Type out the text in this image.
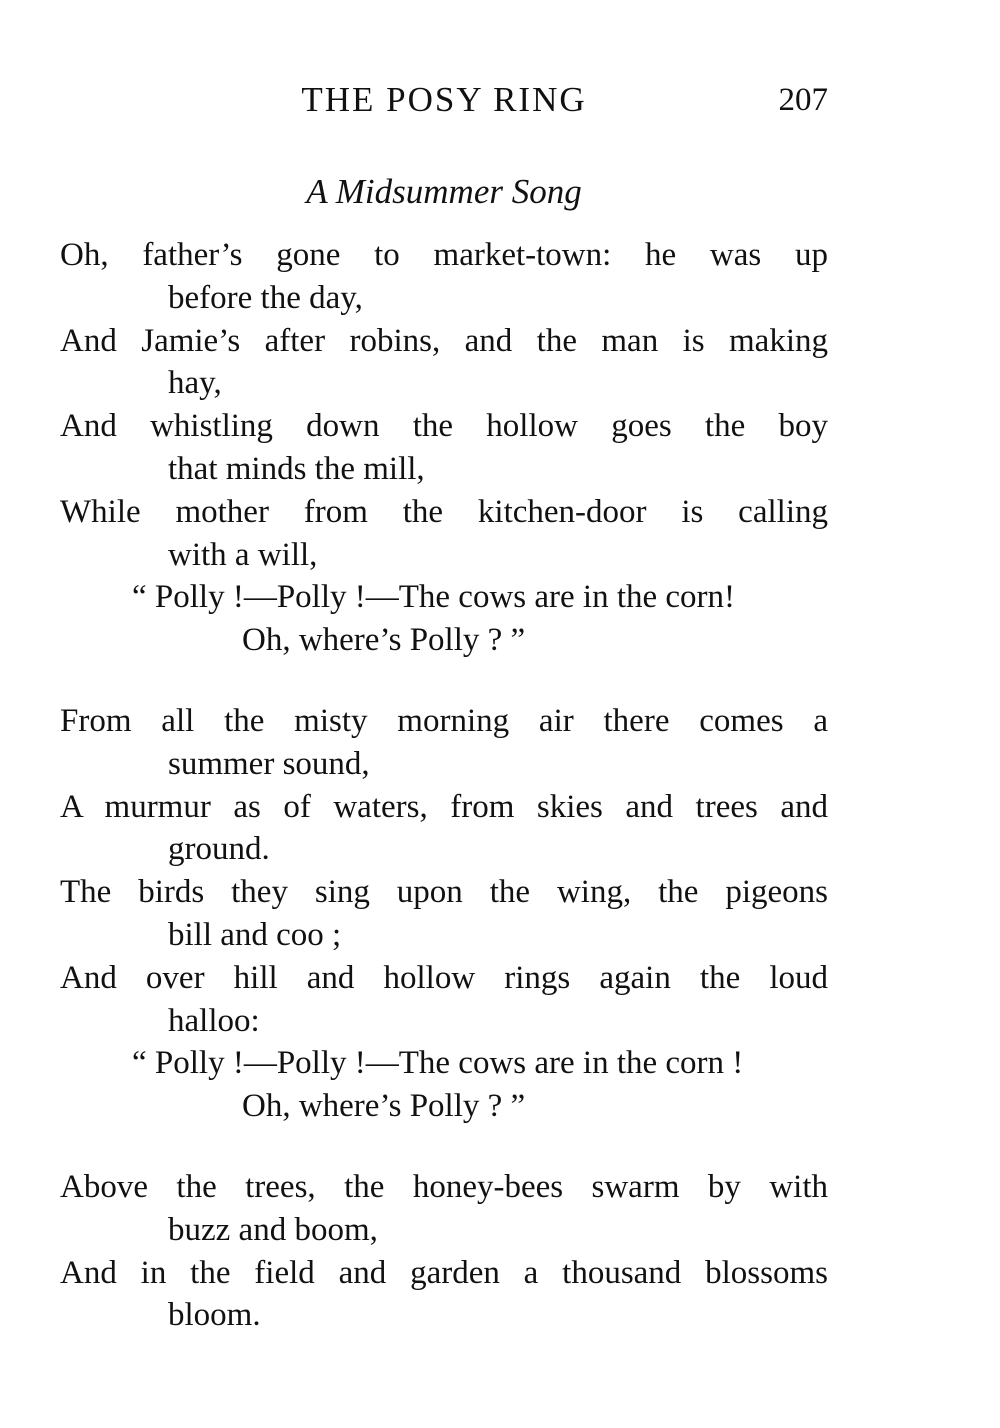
THE POSY RING	207
A Midsummer Song
Oh, father’s gone to market-town: he was up
before the day,
And Jamie’s after robins, and the man is making
hay,
And whistling down the hollow goes the boy
that minds the mill,
While mother from the kitchen-door is calling
with a will,
“ Polly !—Polly !—The cows are in the corn!
Oh, where’s Polly ? ”
From all the misty morning air there comes a
summer sound,
A murmur as of waters, from skies and trees and
ground.
The birds they sing upon the wing, the pigeons
bill and coo ;
And over hill and hollow rings again the loud
halloo:
“ Polly !—Polly !—The cows are in the corn !
Oh, where’s Polly ? ”
Above the trees, the honey-bees swarm by with
buzz and boom,
And in the field and garden a thousand blossoms
bloom.
